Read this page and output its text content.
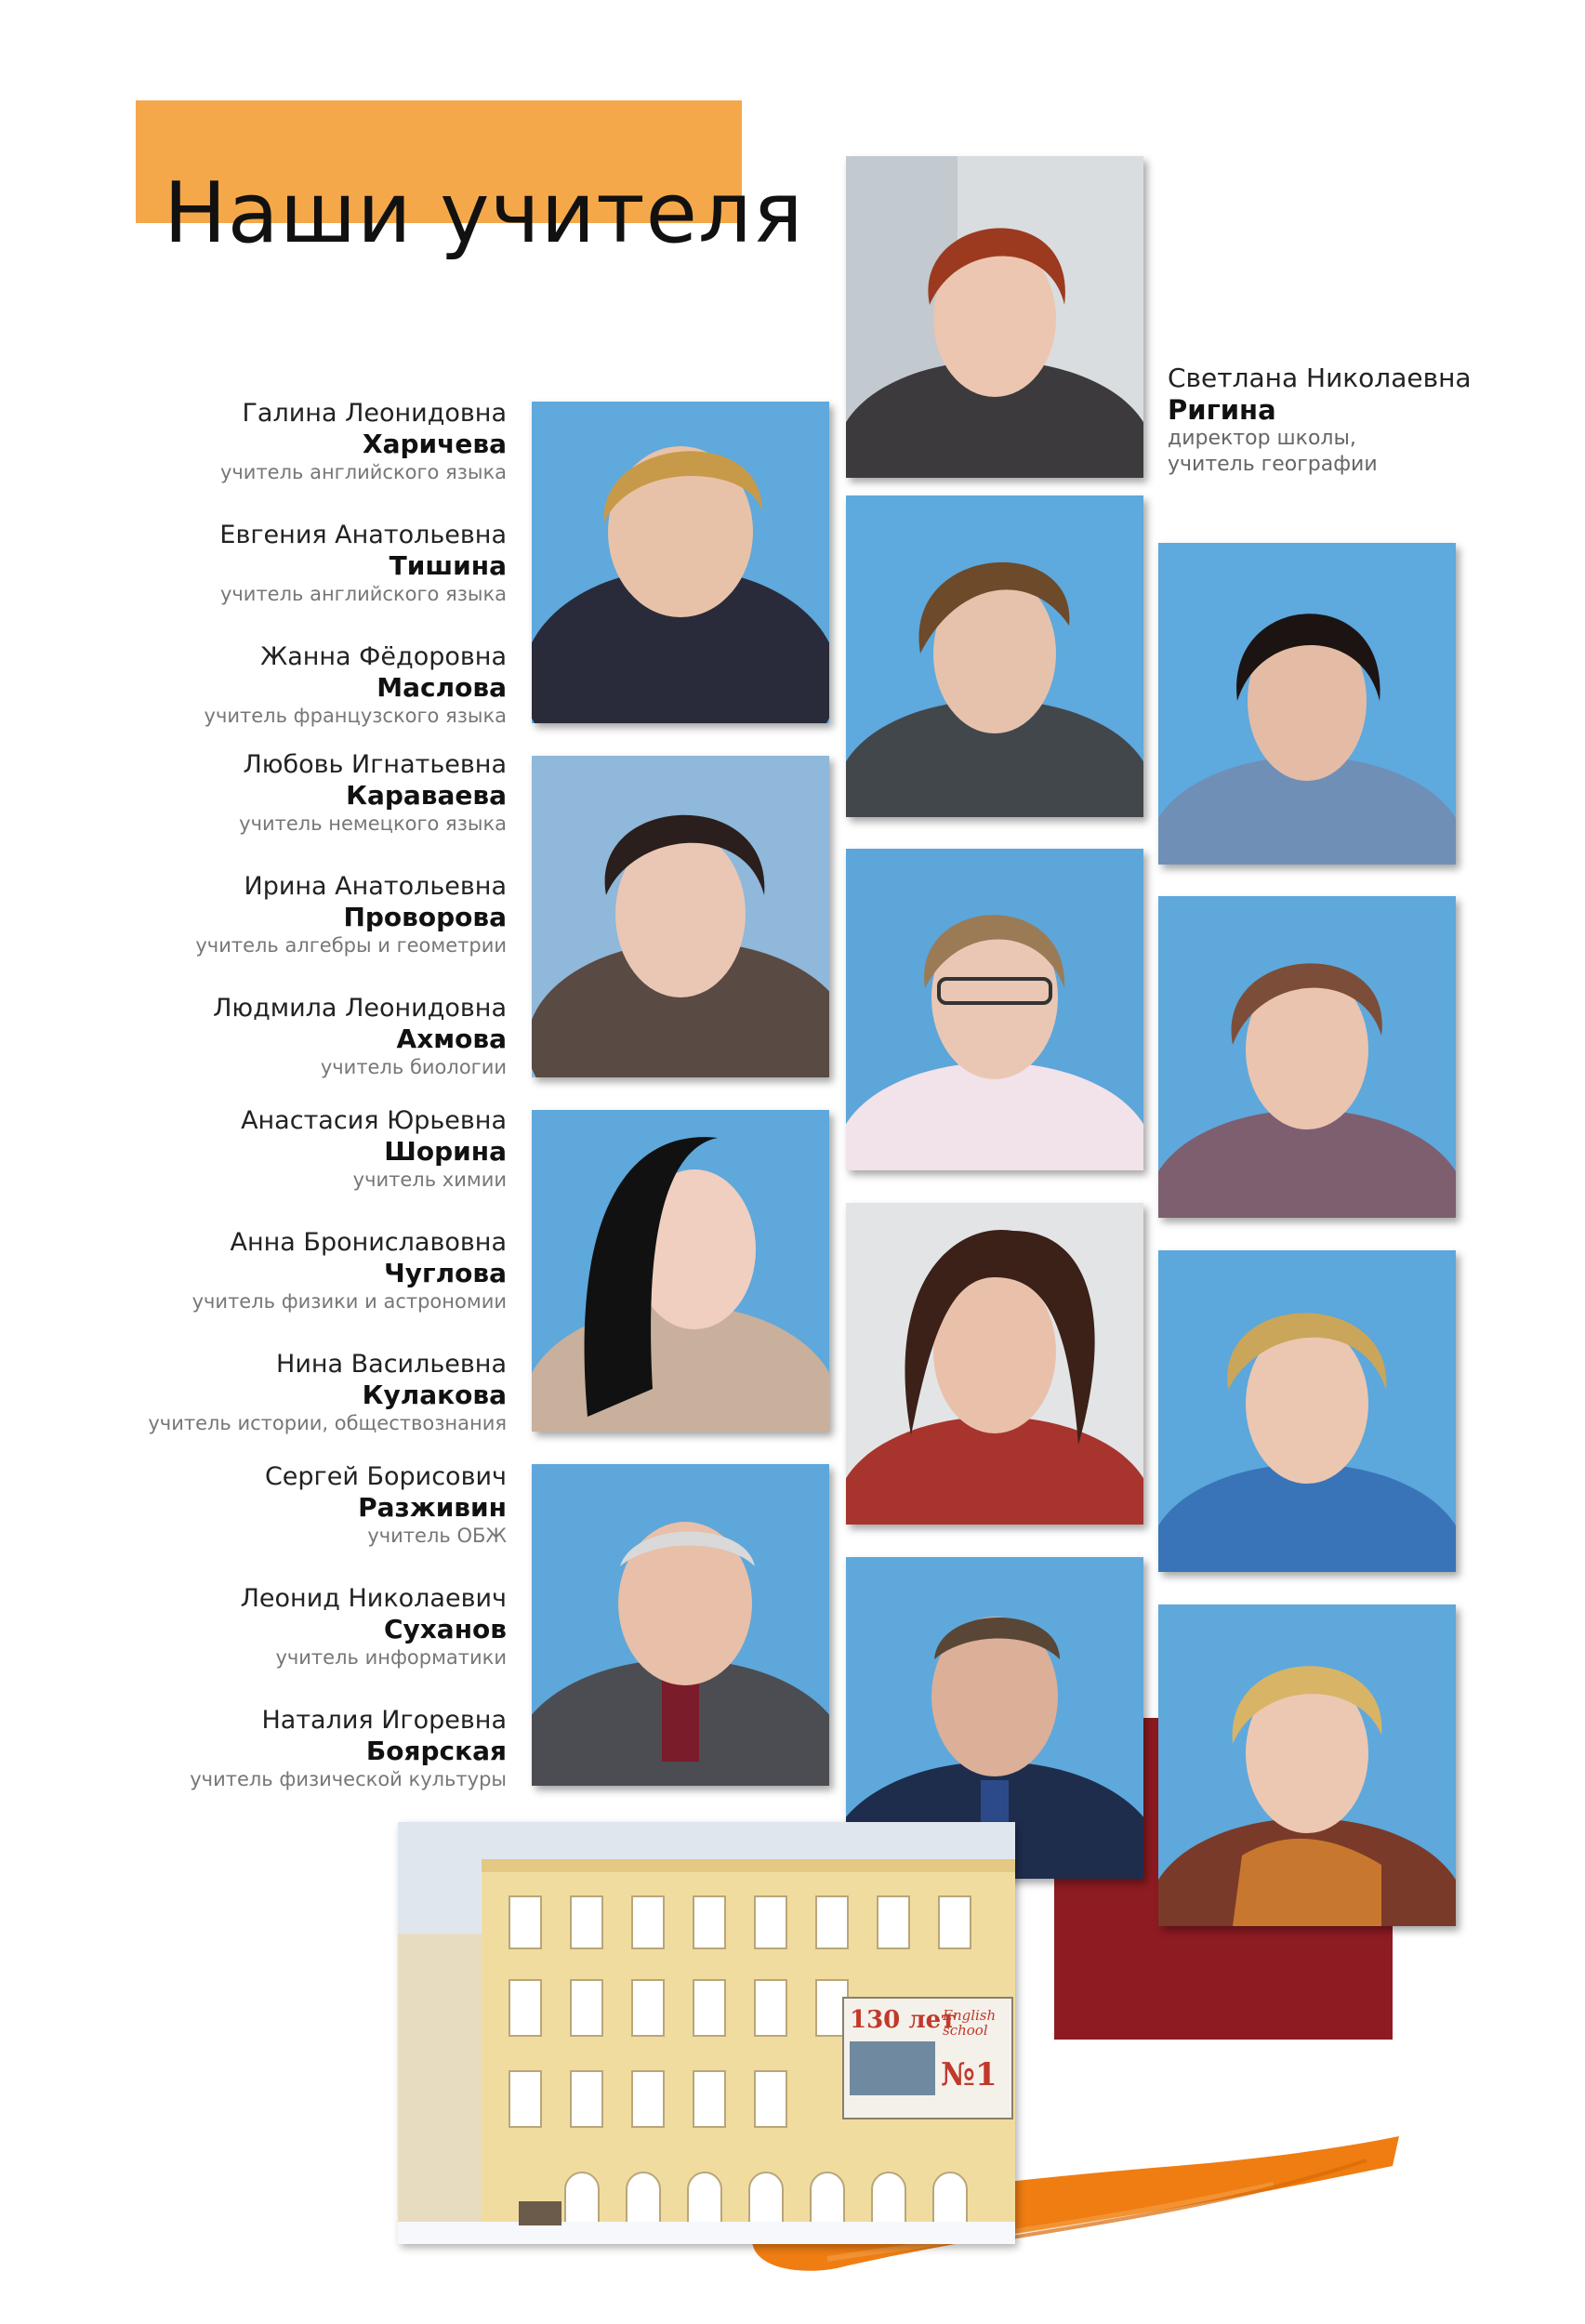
Наши учителя
Галина Леонидовна
Харичева
учитель английского языка
Евгения Анатольевна
Тишина
учитель английского языка
Жанна Фёдоровна
Маслова
учитель французского языка
Любовь Игнатьевна
Караваева
учитель немецкого языка
Ирина Анатольевна
Проворова
учитель алгебры и геометрии
Людмила Леонидовна
Ахмова
учитель биологии
Анастасия Юрьевна
Шорина
учитель химии
Анна Брониславовна
Чуглова
учитель физики и астрономии
Нина Васильевна
Кулакова
учитель истории, обществознания
Сергей Борисович
Разживин
учитель ОБЖ
Леонид Николаевич
Суханов
учитель информатики
Наталия Игоревна
Боярская
учитель физической культуры
Светлана Николаевна
Ригина
директор школы,
учитель географии
130 лет
English school
№1
